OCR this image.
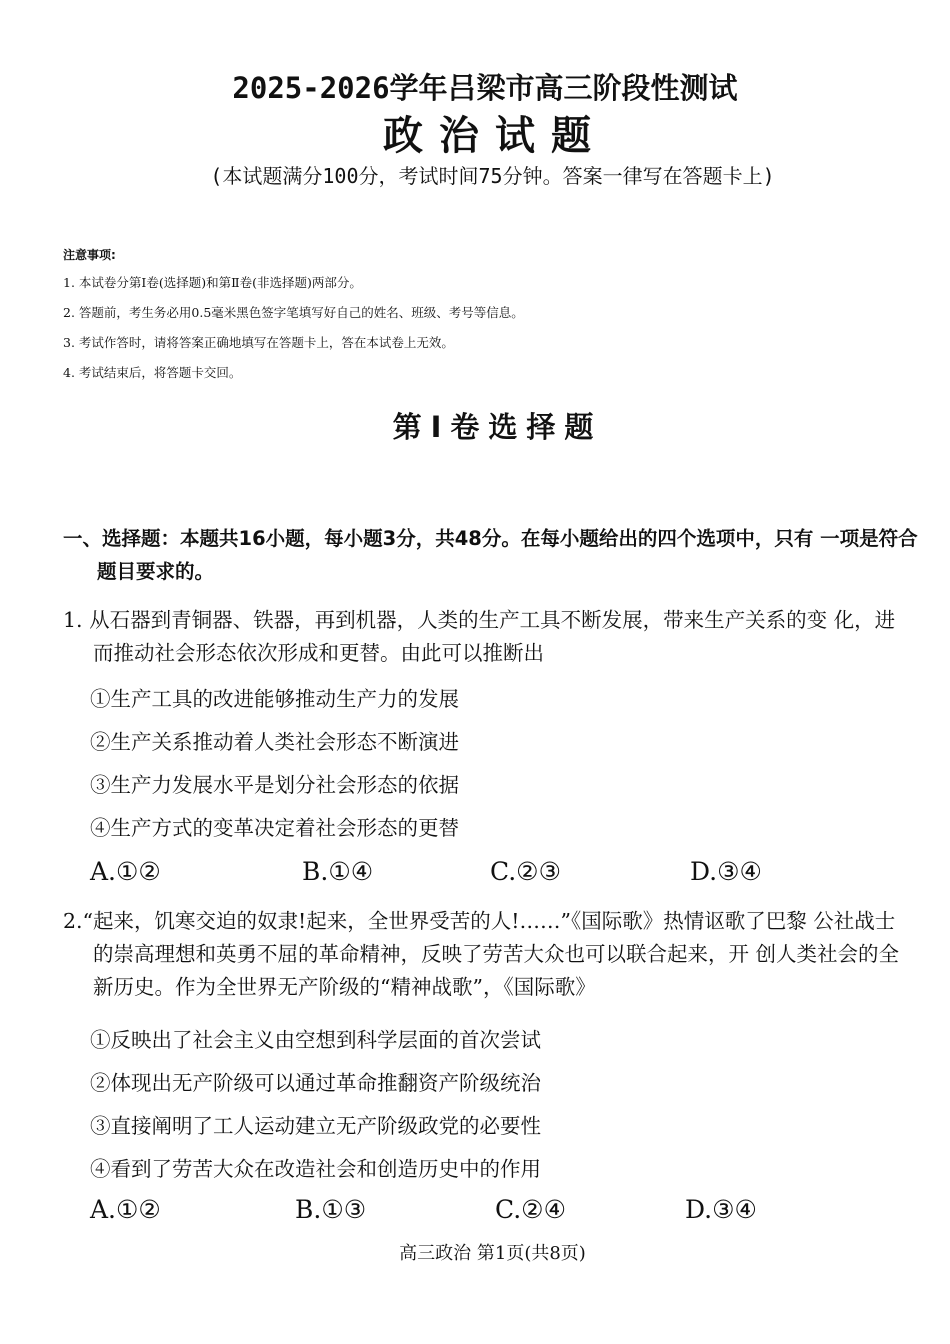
2025-2026学年吕梁市高三阶段性测试
政治试题
(本试题满分100分，考试时间75分钟。答案一律写在答题卡上)
注意事项:
1. 本试卷分第Ⅰ卷(选择题)和第Ⅱ卷(非选择题)两部分。
2. 答题前，考生务必用0.5毫米黑色签字笔填写好自己的姓名、班级、考号等信息。
3. 考试作答时，请将答案正确地填写在答题卡上，答在本试卷上无效。
4. 考试结束后，将答题卡交回。
第Ⅰ卷选择题
一、选择题：本题共16小题，每小题3分，共48分。在每小题给出的四个选项中，只有 一项是符合题目要求的。
1. 从石器到青铜器、铁器，再到机器，人类的生产工具不断发展，带来生产关系的变 化，进而推动社会形态依次形成和更替。由此可以推断出
①生产工具的改进能够推动生产力的发展
②生产关系推动着人类社会形态不断演进
③生产力发展水平是划分社会形态的依据
④生产方式的变革决定着社会形态的更替
A.①②	B.①④	C.②③	D.③④
2.“起来，饥寒交迫的奴隶!起来，全世界受苦的人!……”《国际歌》热情讴歌了巴黎 公社战士的崇高理想和英勇不屈的革命精神，反映了劳苦大众也可以联合起来，开 创人类社会的全新历史。作为全世界无产阶级的“精神战歌”，《国际歌》
①反映出了社会主义由空想到科学层面的首次尝试
②体现出无产阶级可以通过革命推翻资产阶级统治
③直接阐明了工人运动建立无产阶级政党的必要性
④看到了劳苦大众在改造社会和创造历史中的作用
A.①②	B.①③	C.②④	D.③④
高三政治 第1页(共8页)
